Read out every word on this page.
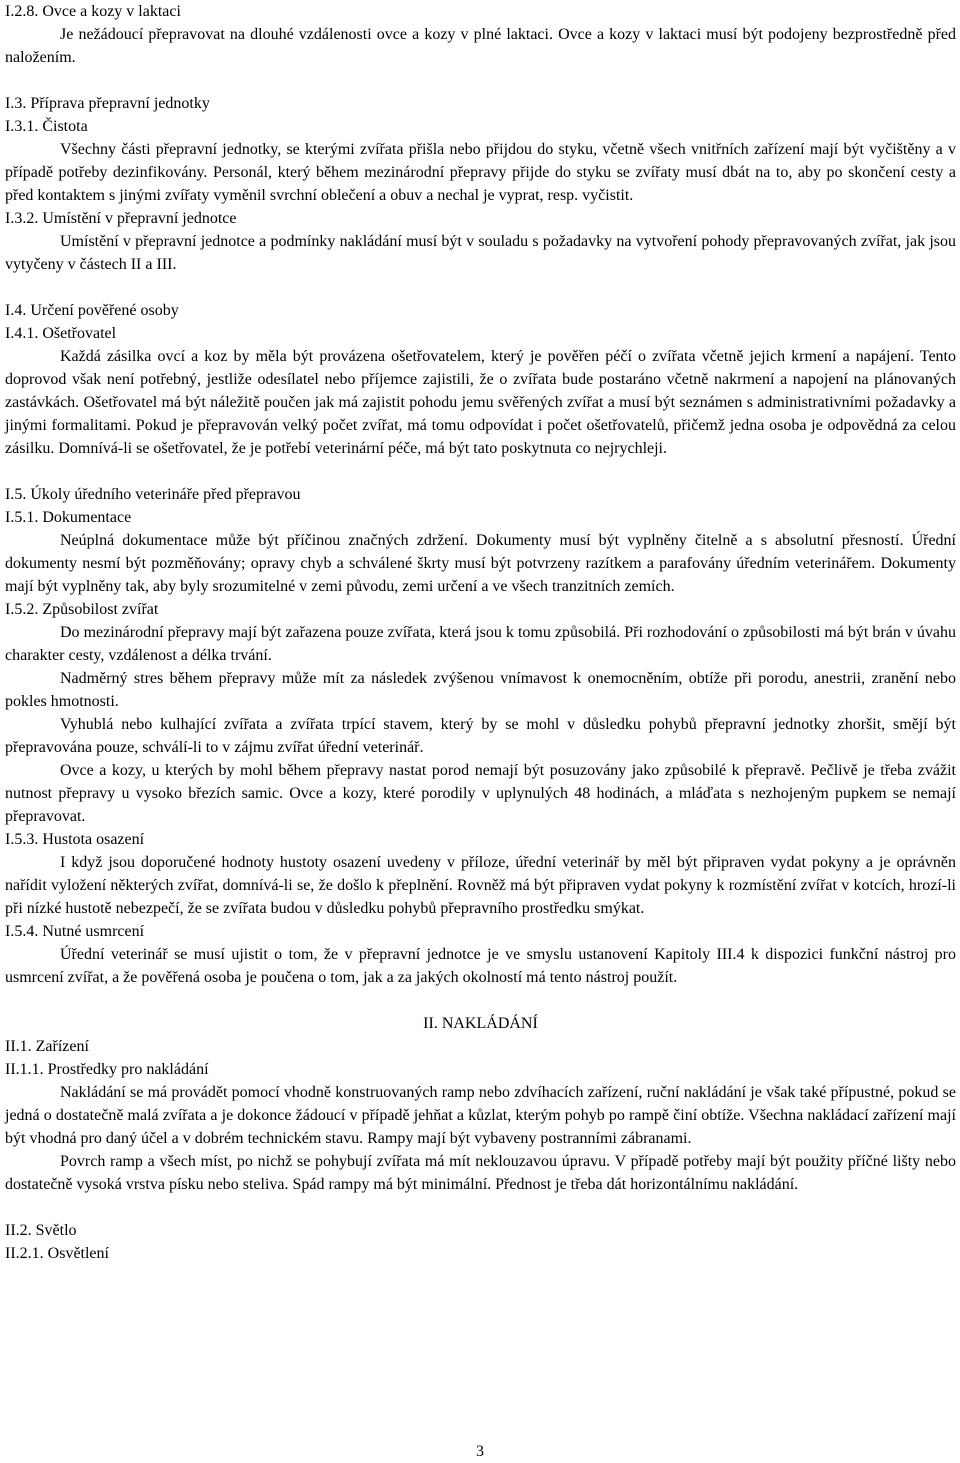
I.2.8. Ovce a kozy v laktaci
Je nežádoucí přepravovat na dlouhé vzdálenosti ovce a kozy v plné laktaci. Ovce a kozy v laktaci musí být podojeny bezprostředně před naložením.
I.3. Příprava přepravní jednotky
I.3.1. Čistota
Všechny části přepravní jednotky, se kterými zvířata přišla nebo přijdou do styku, včetně všech vnitřních zařízení mají být vyčištěny a v případě potřeby dezinfikovány. Personál, který během mezinárodní přepravy přijde do styku se zvířaty musí dbát na to, aby po skončení cesty a před kontaktem s jinými zvířaty vyměnil svrchní oblečení a obuv a nechal je vyprat, resp. vyčistit.
I.3.2. Umístění v přepravní jednotce
Umístění v přepravní jednotce a podmínky nakládání musí být v souladu s požadavky na vytvoření pohody přepravovaných zvířat, jak jsou vytyčeny v částech II a III.
I.4. Určení pověřené osoby
I.4.1. Ošetřovatel
Každá zásilka ovcí a koz by měla být provázena ošetřovatelem, který je pověřen péčí o zvířata včetně jejich krmení a napájení. Tento doprovod však není potřebný, jestliže odesílatel nebo příjemce zajistili, že o zvířata bude postaráno včetně nakrmení a napojení na plánovaných zastávkách. Ošetřovatel má být náležitě poučen jak má zajistit pohodu jemu svěřených zvířat a musí být seznámen s administrativními požadavky a jinými formalitami. Pokud je přepravován velký počet zvířat, má tomu odpovídat i počet ošetřovatelů, přičemž jedna osoba je odpovědná za celou zásilku. Domnívá-li se ošetřovatel, že je potřebí veterinární péče, má být tato poskytnuta co nejrychleji.
I.5. Úkoly úředního veterináře před přepravou
I.5.1. Dokumentace
Neúplná dokumentace může být příčinou značných zdržení. Dokumenty musí být vyplněny čitelně a s absolutní přesností. Úřední dokumenty nesmí být pozměňovány; opravy chyb a schválené škrty musí být potvrzeny razítkem a parafovány úředním veterinářem. Dokumenty mají být vyplněny tak, aby byly srozumitelné v zemi původu, zemi určení a ve všech tranzitních zemích.
I.5.2. Způsobilost zvířat
Do mezinárodní přepravy mají být zařazena pouze zvířata, která jsou k tomu způsobilá. Při rozhodování o způsobilosti má být brán v úvahu charakter cesty, vzdálenost a délka trvání.
Nadměrný stres během přepravy může mít za následek zvýšenou vnímavost k onemocněním, obtíže při porodu, anestrii, zranění nebo pokles hmotnosti.
Vyhublá nebo kulhající zvířata a zvířata trpící stavem, který by se mohl v důsledku pohybů přepravní jednotky zhoršit, smějí být přepravována pouze, schválí-li to v zájmu zvířat úřední veterinář.
Ovce a kozy, u kterých by mohl během přepravy nastat porod nemají být posuzovány jako způsobilé k přepravě. Pečlivě je třeba zvážit nutnost přepravy u vysoko březích samic. Ovce a kozy, které porodily v uplynulých 48 hodinách, a mláďata s nezhojeným pupkem se nemají přepravovat.
I.5.3. Hustota osazení
I když jsou doporučené hodnoty hustoty osazení uvedeny v příloze, úřední veterinář by měl být připraven vydat pokyny a je oprávněn nařídit vyložení některých zvířat, domnívá-li se, že došlo k přeplnění. Rovněž má být připraven vydat pokyny k rozmístění zvířat v kotcích, hrozí-li při nízké hustotě nebezpečí, že se zvířata budou v důsledku pohybů přepravního prostředku smýkat.
I.5.4. Nutné usmrcení
Úřední veterinář se musí ujistit o tom, že v přepravní jednotce je ve smyslu ustanovení Kapitoly III.4 k dispozici funkční nástroj pro usmrcení zvířat, a že pověřená osoba je poučena o tom, jak a za jakých okolností má tento nástroj použít.
II. NAKLÁDÁNÍ
II.1. Zařízení
II.1.1. Prostředky pro nakládání
Nakládání se má provádět pomocí vhodně konstruovaných ramp nebo zdvíhacích zařízení, ruční nakládání je však také přípustné, pokud se jedná o dostatečně malá zvířata a je dokonce žádoucí v případě jehňat a kůzlat, kterým pohyb po rampě činí obtíže. Všechna nakládací zařízení mají být vhodná pro daný účel a v dobrém technickém stavu. Rampy mají být vybaveny postranními zábranami.
Povrch ramp a všech míst, po nichž se pohybují zvířata má mít neklouzavou úpravu. V případě potřeby mají být použity příčné lišty nebo dostatečně vysoká vrstva písku nebo steliva. Spád rampy má být minimální. Přednost je třeba dát horizontálnímu nakládání.
II.2. Světlo
II.2.1. Osvětlení
3
